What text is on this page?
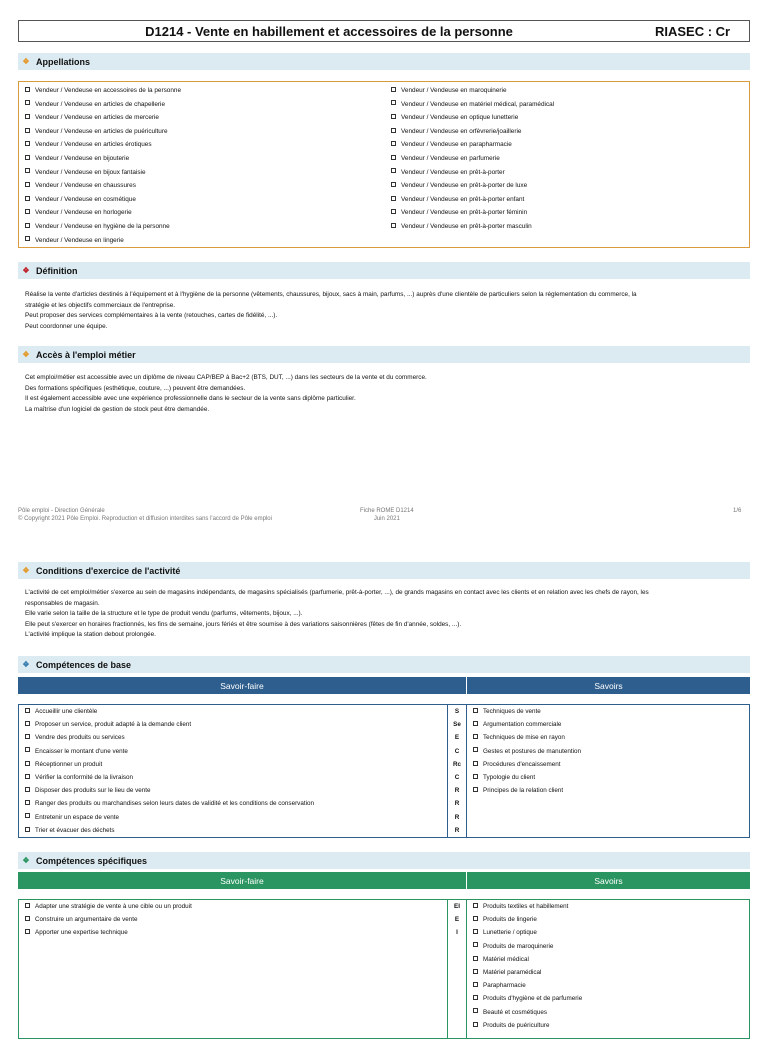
D1214 - Vente en habillement et accessoires de la personne	RIASEC : Cr
❖ Appellations
Vendeur / Vendeuse en accessoires de la personne
Vendeur / Vendeuse en articles de chapellerie
Vendeur / Vendeuse en articles de mercerie
Vendeur / Vendeuse en articles de puériculture
Vendeur / Vendeuse en articles érotiques
Vendeur / Vendeuse en bijouterie
Vendeur / Vendeuse en bijoux fantaisie
Vendeur / Vendeuse en chaussures
Vendeur / Vendeuse en cosmétique
Vendeur / Vendeuse en horlogerie
Vendeur / Vendeuse en hygiène de la personne
Vendeur / Vendeuse en lingerie
Vendeur / Vendeuse en maroquinerie
Vendeur / Vendeuse en matériel médical, paramédical
Vendeur / Vendeuse en optique lunetterie
Vendeur / Vendeuse en orfèvrerie/joaillerie
Vendeur / Vendeuse en parapharmacie
Vendeur / Vendeuse en parfumerie
Vendeur / Vendeuse en prêt-à-porter
Vendeur / Vendeuse en prêt-à-porter de luxe
Vendeur / Vendeuse en prêt-à-porter enfant
Vendeur / Vendeuse en prêt-à-porter féminin
Vendeur / Vendeuse en prêt-à-porter masculin
❖ Définition
Réalise la vente d'articles destinés à l'équipement et à l'hygiène de la personne (vêtements, chaussures, bijoux, sacs à main, parfums, ...) auprès d'une clientèle de particuliers selon la réglementation du commerce, la
stratégie et les objectifs commerciaux de l'entreprise.
Peut proposer des services complémentaires à la vente (retouches, cartes de fidélité, ...).
Peut coordonner une équipe.
❖ Accès à l'emploi métier
Cet emploi/métier est accessible avec un diplôme de niveau CAP/BEP à Bac+2 (BTS, DUT, ...) dans les secteurs de la vente et du commerce.
Des formations spécifiques (esthétique, couture, ...) peuvent être demandées.
Il est également accessible avec une expérience professionnelle dans le secteur de la vente sans diplôme particulier.
La maîtrise d'un logiciel de gestion de stock peut être demandée.
Pôle emploi - Direction Générale
© Copyright 2021 Pôle Emploi. Reproduction et diffusion interdites sans l'accord de Pôle emploi
Fiche ROME D1214
Juin 2021
1/6
❖ Conditions d'exercice de l'activité
L'activité de cet emploi/métier s'exerce au sein de magasins indépendants, de magasins spécialisés (parfumerie, prêt-à-porter, ...), de grands magasins en contact avec les clients et en relation avec les chefs de rayon, les
responsables de magasin.
Elle varie selon la taille de la structure et le type de produit vendu (parfums, vêtements, bijoux, ...).
Elle peut s'exercer en horaires fractionnés, les fins de semaine, jours fériés et être soumise à des variations saisonnières (fêtes de fin d'année, soldes, ...).
L'activité implique la station debout prolongée.
❖ Compétences de base
Savoir-faire	Savoirs
Accueillir une clientèle	S
Proposer un service, produit adapté à la demande client	Se
Vendre des produits ou services	E
Encaisser le montant d'une vente	C
Réceptionner un produit	Rc
Vérifier la conformité de la livraison	C
Disposer des produits sur le lieu de vente	R
Ranger des produits ou marchandises selon leurs dates de validité et les conditions de conservation	R
Entretenir un espace de vente	R
Trier et évacuer des déchets	R
Techniques de vente
Argumentation commerciale
Techniques de mise en rayon
Gestes et postures de manutention
Procédures d'encaissement
Typologie du client
Principes de la relation client
❖ Compétences spécifiques
Savoir-faire	Savoirs
Adapter une stratégie de vente à une cible ou un produit	EI
Construire un argumentaire de vente	E
Apporter une expertise technique	I
Produits textiles et habillement
Produits de lingerie
Lunetterie / optique
Produits de maroquinerie
Matériel médical
Matériel paramédical
Parapharmacie
Produits d'hygiène et de parfumerie
Beauté et cosmétiques
Produits de puériculture
